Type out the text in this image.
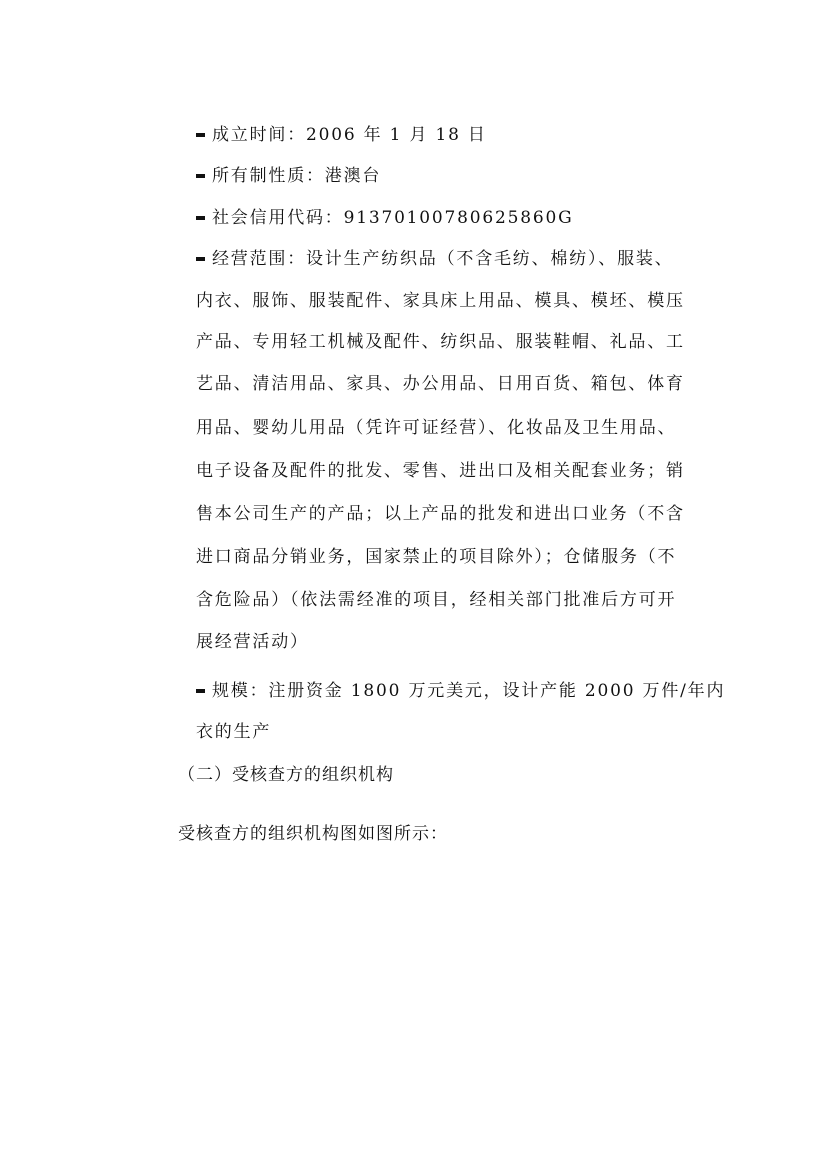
成立时间：2006 年 1 月 18 日
所有制性质：港澳台
社会信用代码：91370100780625860G
经营范围：设计生产纺织品（不含毛纺、棉纺）、服装、
内衣、服饰、服装配件、家具床上用品、模具、模坯、模压
产品、专用轻工机械及配件、纺织品、服装鞋帽、礼品、工
艺品、清洁用品、家具、办公用品、日用百货、箱包、体育
用品、婴幼儿用品（凭许可证经营）、化妆品及卫生用品、
电子设备及配件的批发、零售、进出口及相关配套业务；销
售本公司生产的产品；以上产品的批发和进出口业务（不含
进口商品分销业务，国家禁止的项目除外）；仓储服务（不
含危险品）（依法需经准的项目，经相关部门批准后方可开
展经营活动）
规模：注册资金 1800 万元美元，设计产能 2000 万件/年内
衣的生产
（二）受核查方的组织机构
受核查方的组织机构图如图所示：
